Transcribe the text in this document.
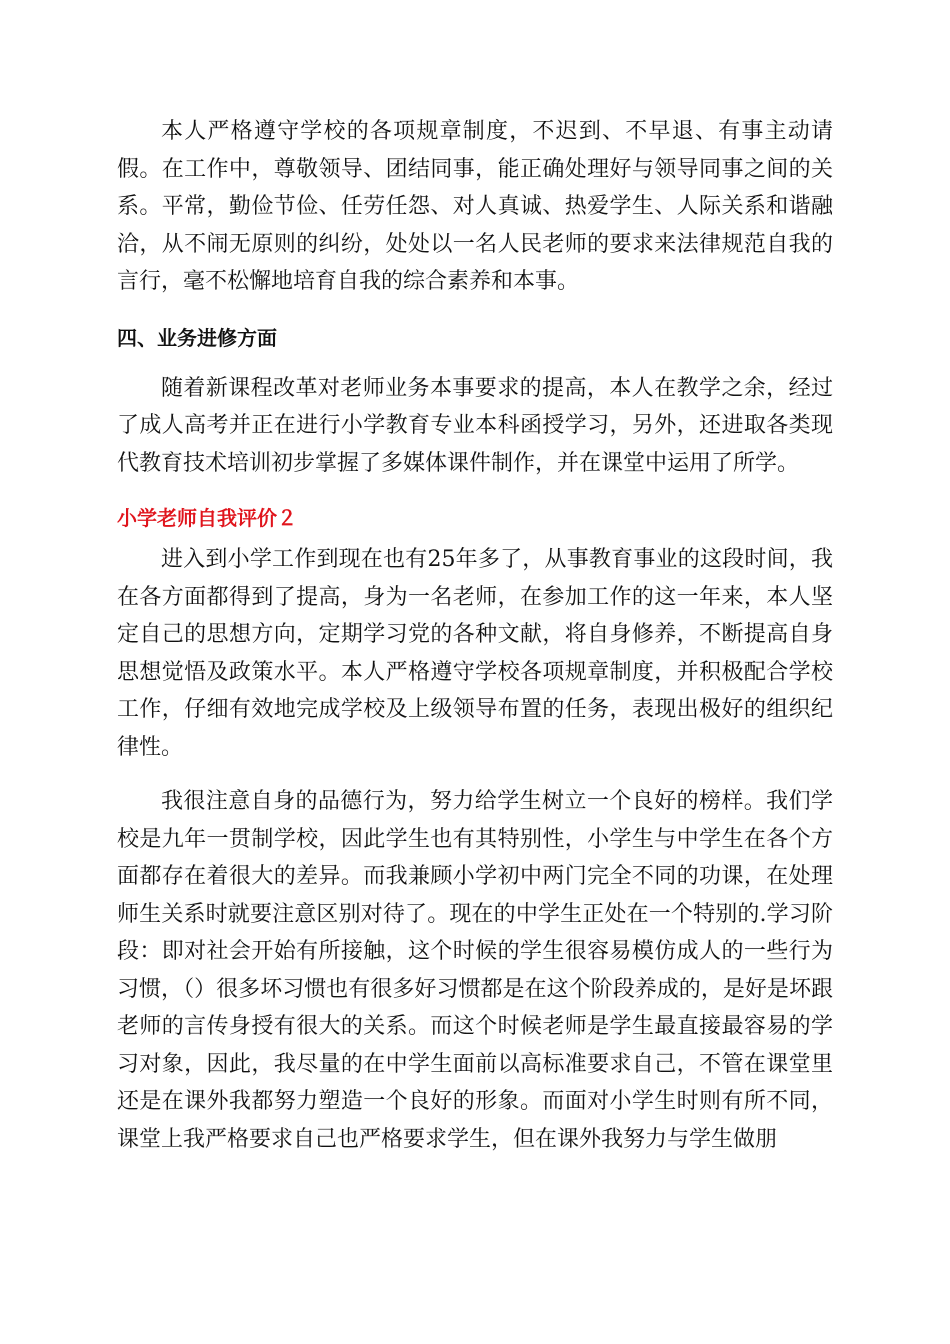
本人严格遵守学校的各项规章制度，不迟到、不早退、有事主动请假。在工作中，尊敬领导、团结同事，能正确处理好与领导同事之间的关系。平常，勤俭节俭、任劳任怨、对人真诚、热爱学生、人际关系和谐融洽，从不闹无原则的纠纷，处处以一名人民老师的要求来法律规范自我的言行，毫不松懈地培育自我的综合素养和本事。

四、业务进修方面

随着新课程改革对老师业务本事要求的提高，本人在教学之余，经过了成人高考并正在进行小学教育专业本科函授学习，另外，还进取各类现代教育技术培训初步掌握了多媒体课件制作，并在课堂中运用了所学。

小学老师自我评价２

进入到小学工作到现在也有25年多了，从事教育事业的这段时间，我在各方面都得到了提高，身为一名老师，在参加工作的这一年来，本人坚定自己的思想方向，定期学习党的各种文献，将自身修养，不断提高自身思想觉悟及政策水平。本人严格遵守学校各项规章制度，并积极配合学校工作，仔细有效地完成学校及上级领导布置的任务，表现出极好的组织纪律性。

我很注意自身的品德行为，努力给学生树立一个良好的榜样。我们学校是九年一贯制学校，因此学生也有其特别性，小学生与中学生在各个方面都存在着很大的差异。而我兼顾小学初中两门完全不同的功课，在处理师生关系时就要注意区别对待了。现在的中学生正处在一个特别的.学习阶段：即对社会开始有所接触，这个时候的学生很容易模仿成人的一些行为习惯，（）很多坏习惯也有很多好习惯都是在这个阶段养成的，是好是坏跟老师的言传身授有很大的关系。而这个时候老师是学生最直接最容易的学习对象，因此，我尽量的在中学生面前以高标准要求自己，不管在课堂里还是在课外我都努力塑造一个良好的形象。而面对小学生时则有所不同，课堂上我严格要求自己也严格要求学生，但在课外我努力与学生做朋
